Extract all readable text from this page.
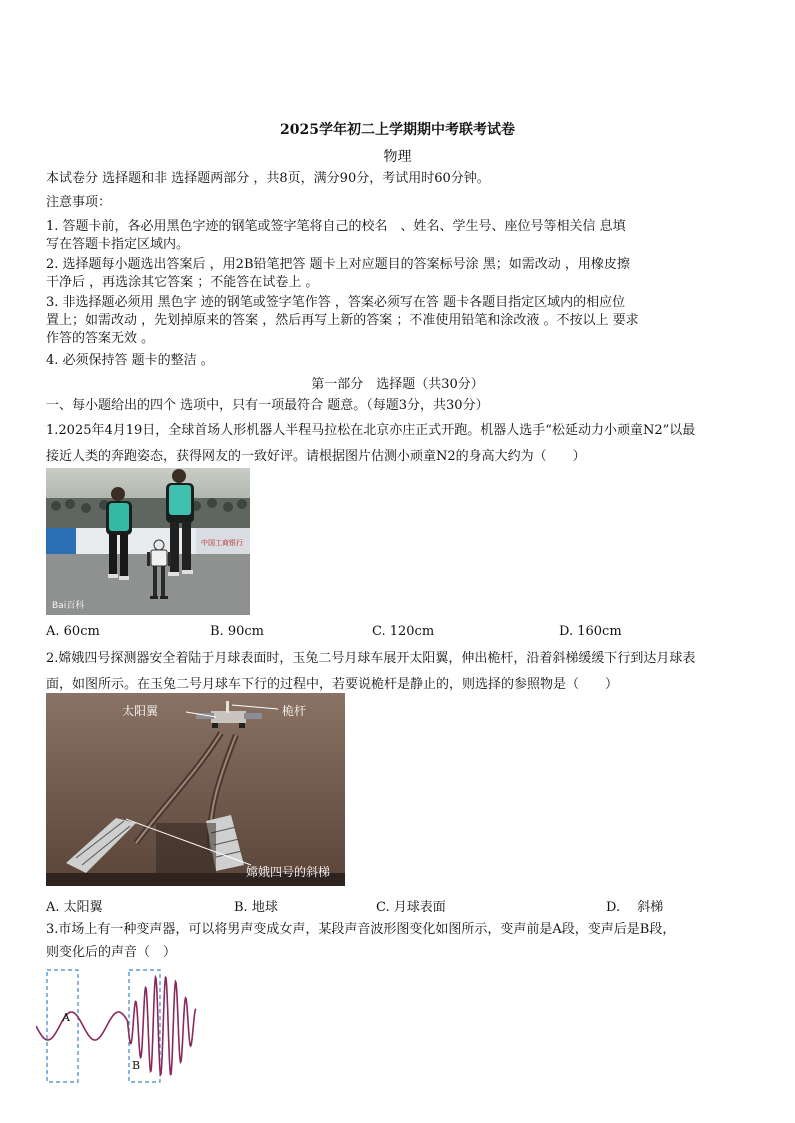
2025学年初二上学期期中考联考试卷
物理
本试卷分 选择题和非 选择题两部分 ，共8页，满分90分，考试用时60分钟。
注意事项：
1. 答题卡前，各必用黑色字迹的钢笔或签字笔将自己的校名　、姓名、学生号、座位号等相关信 息填
写在答题卡指定区域内。
2. 选择题每小题选出答案后 ，用2B铅笔把答 题卡上对应题目的答案标号涂 黑；如需改动 ，用橡皮擦
干净后 ，再选涂其它答案 ；不能答在试卷上 。
3. 非选择题必须用 黑色字 迹的钢笔或签字笔作答 ，答案必须写在答 题卡各题目指定区域内的相应位
置上；如需改动 ，先划掉原来的答案 ，然后再写上新的答案 ；不准使用铅笔和涂改液 。不按以上 要求
作答的答案无效 。
4. 必须保持答 题卡的整洁 。
第一部分　选择题（共30分）
一、每小题给出的四个 选项中，只有一项最符合 题意。（每题3分，共30分）
1.2025年4月19日，全球首场人形机器人半程马拉松在北京亦庄正式开跑。机器人选手“松延动力小顽童N2”以最
接近人类的奔跑姿态，获得网友的一致好评。请根据图片估测小顽童N2的身高大约为（　　）
中国工商银行
Bai百科
A. 60cm	B. 90cm	C. 120cm	D. 160cm
2.嫦娥四号探测器安全着陆于月球表面时，玉兔二号月球车展开太阳翼，伸出桅杆，沿着斜梯缓缓下行到达月球表
面，如图所示。在玉兔二号月球车下行的过程中，若要说桅杆是静止的，则选择的参照物是（　　）
太阳翼	桅杆
嫦娥四号的斜梯
A. 太阳翼	B. 地球	C. 月球表面	D.　 斜梯
3.市场上有一种变声器，可以将男声变成女声，某段声音波形图变化如图所示，变声前是A段，变声后是B段，
则变化后的声音（　）
A
B
